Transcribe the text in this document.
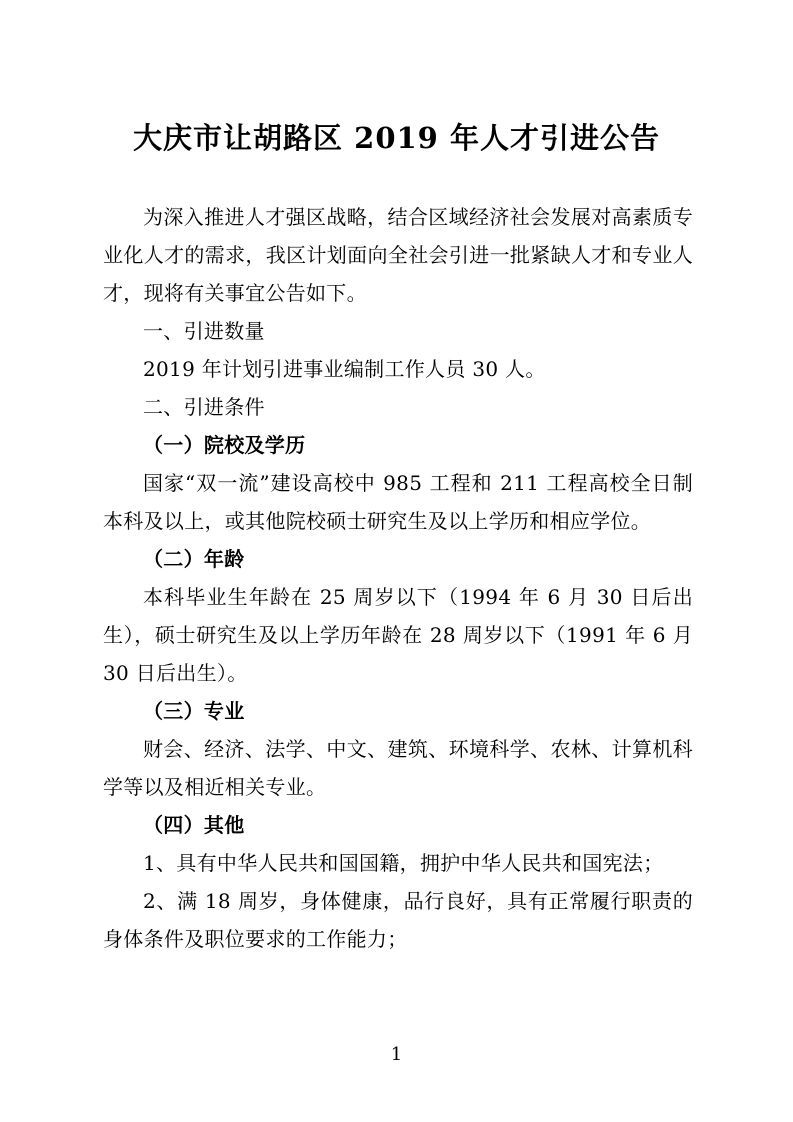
大庆市让胡路区 2019 年人才引进公告

为深入推进人才强区战略，结合区域经济社会发展对高素质专业化人才的需求，我区计划面向全社会引进一批紧缺人才和专业人才，现将有关事宜公告如下。

一、引进数量

2019 年计划引进事业编制工作人员 30 人。

二、引进条件
（一）院校及学历

国家“双一流”建设高校中 985 工程和 211 工程高校全日制本科及以上，或其他院校硕士研究生及以上学历和相应学位。

（二）年龄

本科毕业生年龄在 25 周岁以下（1994 年 6 月 30 日后出生），硕士研究生及以上学历年龄在 28 周岁以下（1991 年 6 月 30 日后出生）。

（三）专业

财会、经济、法学、中文、建筑、环境科学、农林、计算机科学等以及相近相关专业。

（四）其他

1、具有中华人民共和国国籍，拥护中华人民共和国宪法；

2、满 18 周岁，身体健康，品行良好，具有正常履行职责的身体条件及职位要求的工作能力；

1
